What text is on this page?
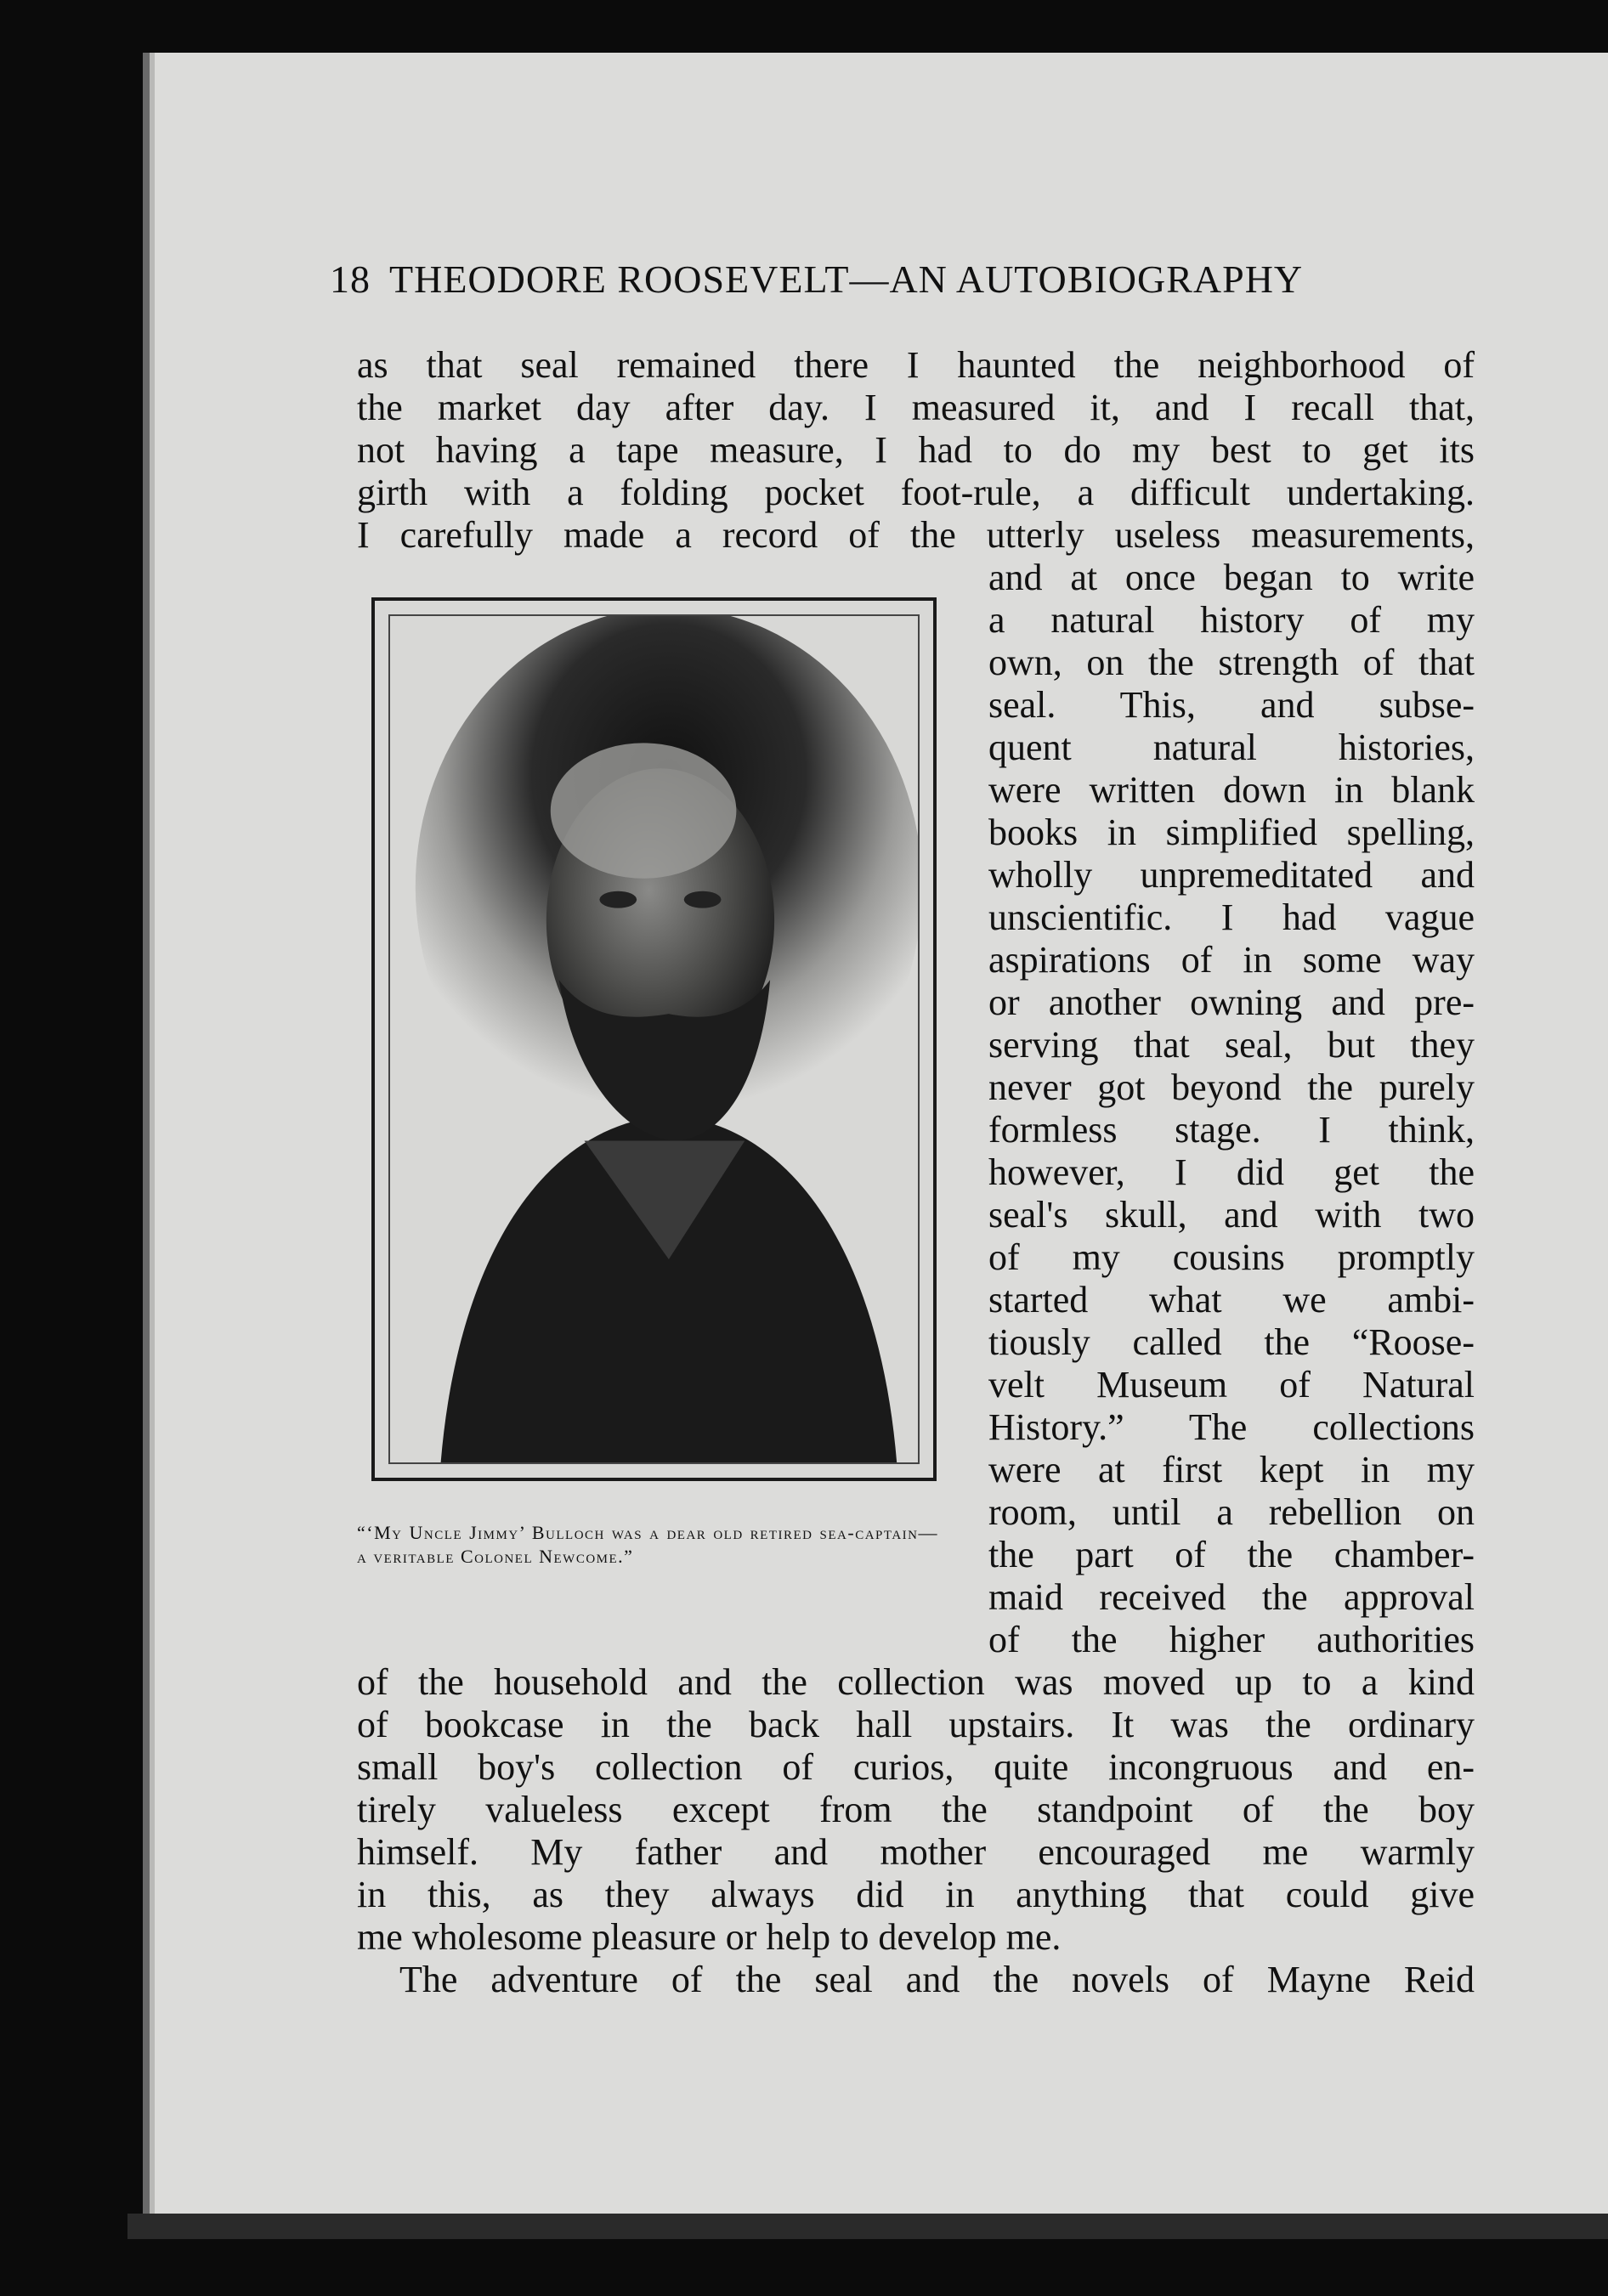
18 THEODORE ROOSEVELT—AN AUTOBIOGRAPHY
as that seal remained there I haunted the neighborhood of
the market day after day. I measured it, and I recall that,
not having a tape measure, I had to do my best to get its
girth with a folding pocket foot-rule, a difficult undertaking.
I carefully made a record of the utterly useless measurements,
and at once began to write
a natural history of my
own, on the strength of that
seal. This, and subse-
quent natural histories,
were written down in blank
books in simplified spelling,
wholly unpremeditated and
unscientific. I had vague
aspirations of in some way
or another owning and pre-
serving that seal, but they
never got beyond the purely
formless stage. I think,
however, I did get the
seal's skull, and with two
of my cousins promptly
started what we ambi-
tiously called the “Roose-
velt Museum of Natural
History.” The collections
were at first kept in my
room, until a rebellion on
the part of the chamber-
maid received the approval
of the higher authorities
of the household and the collection was moved up to a kind
of bookcase in the back hall upstairs. It was the ordinary
small boy's collection of curios, quite incongruous and en-
tirely valueless except from the standpoint of the boy
himself. My father and mother encouraged me warmly
in this, as they always did in anything that could give
me wholesome pleasure or help to develop me.
The adventure of the seal and the novels of Mayne Reid
“‘My Uncle Jimmy’ Bulloch was a dear old retired sea-captain—a veritable Colonel Newcome.”
